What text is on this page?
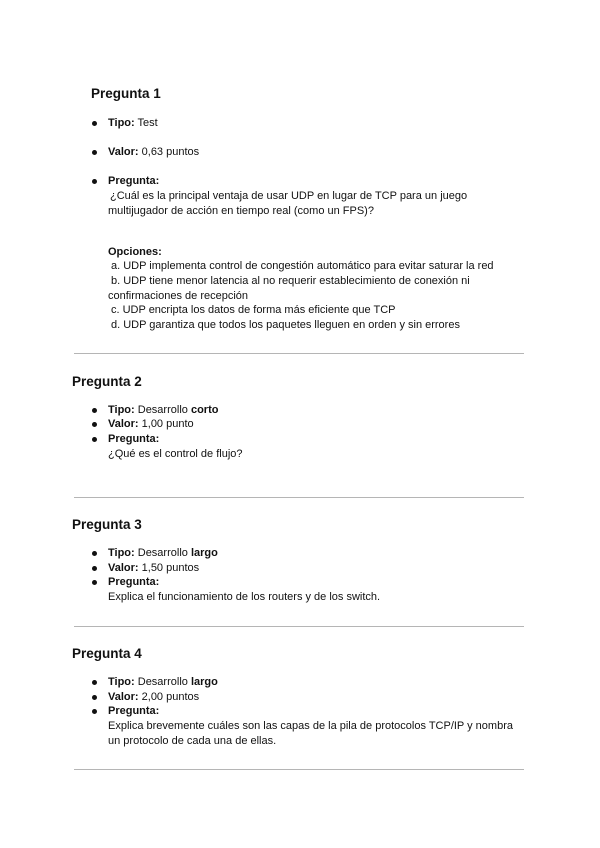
Pregunta 1
Tipo: Test
Valor: 0,63 puntos
Pregunta:
¿Cuál es la principal ventaja de usar UDP en lugar de TCP para un juego
multijugador de acción en tiempo real (como un FPS)?
Opciones:
a. UDP implementa control de congestión automático para evitar saturar la red
b. UDP tiene menor latencia al no requerir establecimiento de conexión ni
confirmaciones de recepción
c. UDP encripta los datos de forma más eficiente que TCP
d. UDP garantiza que todos los paquetes lleguen en orden y sin errores
Pregunta 2
Tipo: Desarrollo corto
Valor: 1,00 punto
Pregunta:
¿Qué es el control de flujo?
Pregunta 3
Tipo: Desarrollo largo
Valor: 1,50 puntos
Pregunta:
Explica el funcionamiento de los routers y de los switch.
Pregunta 4
Tipo: Desarrollo largo
Valor: 2,00 puntos
Pregunta:
Explica brevemente cuáles son las capas de la pila de protocolos TCP/IP y nombra
un protocolo de cada una de ellas.
